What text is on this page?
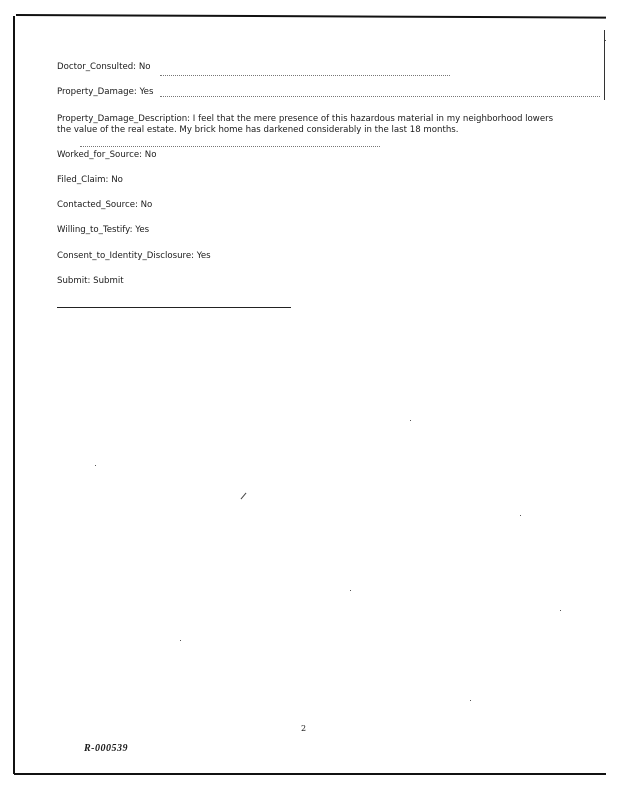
Doctor_Consulted: No
Property_Damage: Yes
Property_Damage_Description: I feel that the mere presence of this hazardous material in my neighborhood lowers the value of the real estate. My brick home has darkened considerably in the last 18 months.
Worked_for_Source: No
Filed_Claim: No
Contacted_Source: No
Willing_to_Testify: Yes
Consent_to_Identity_Disclosure: Yes
Submit: Submit
2
R-000539
